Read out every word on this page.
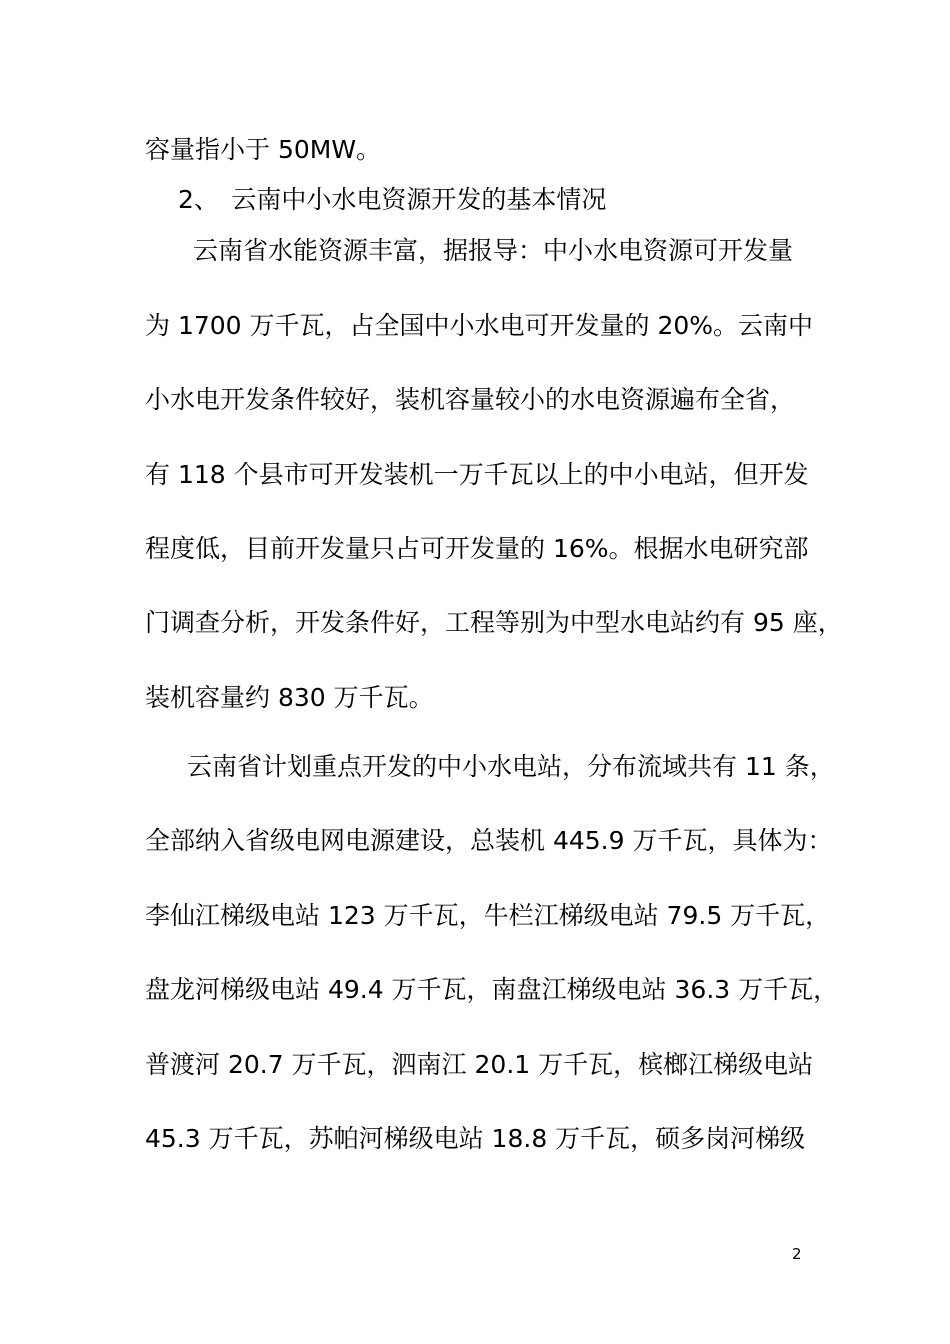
容量指小于 50MW。
2、　云南中小水电资源开发的基本情况
云南省水能资源丰富，据报导：中小水电资源可开发量
为 1700 万千瓦，占全国中小水电可开发量的 20%。云南中
小水电开发条件较好，装机容量较小的水电资源遍布全省，
有 118 个县市可开发装机一万千瓦以上的中小电站，但开发
程度低，目前开发量只占可开发量的 16%。根据水电研究部
门调查分析，开发条件好，工程等别为中型水电站约有 95 座，
装机容量约 830 万千瓦。
云南省计划重点开发的中小水电站，分布流域共有 11 条，
全部纳入省级电网电源建设，总装机 445.9 万千瓦，具体为：
李仙江梯级电站 123 万千瓦，牛栏江梯级电站 79.5 万千瓦，
盘龙河梯级电站 49.4 万千瓦，南盘江梯级电站 36.3 万千瓦，
普渡河 20.7 万千瓦，泗南江 20.1 万千瓦，槟榔江梯级电站
45.3 万千瓦，苏帕河梯级电站 18.8 万千瓦，硕多岗河梯级
2
